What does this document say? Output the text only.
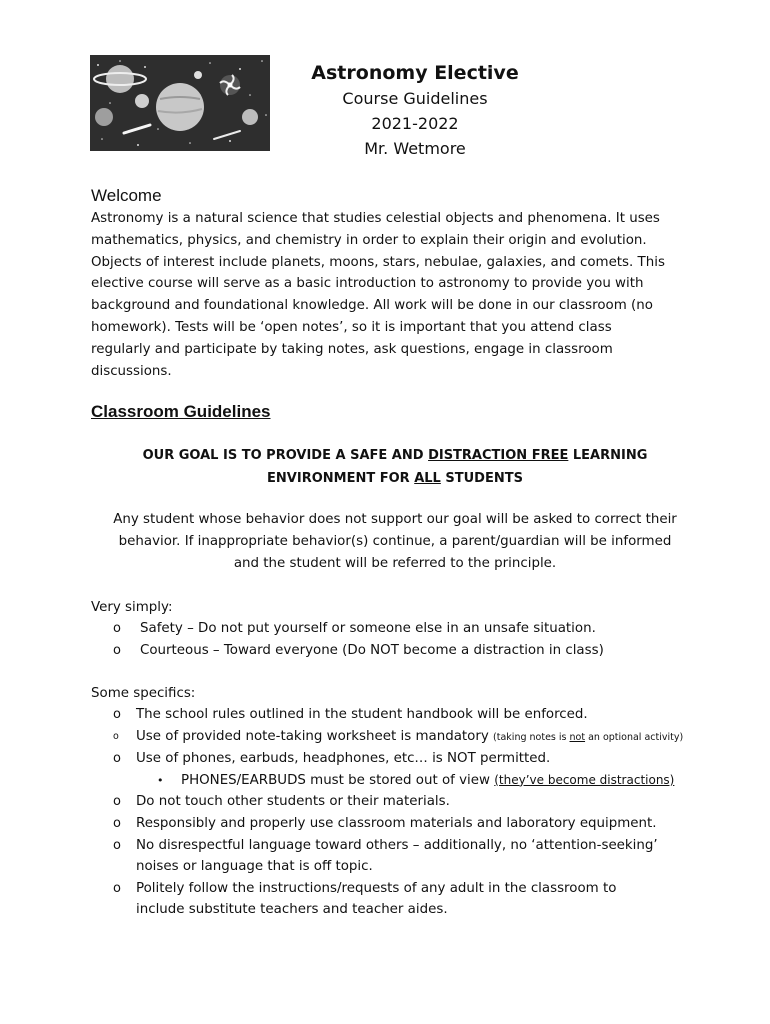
Astronomy Elective
Course Guidelines
2021-2022
Mr. Wetmore
Welcome
Astronomy is a natural science that studies celestial objects and phenomena. It uses
mathematics, physics, and chemistry in order to explain their origin and evolution.
Objects of interest include planets, moons, stars, nebulae, galaxies, and comets. This
elective course will serve as a basic introduction to astronomy to provide you with
background and foundational knowledge. All work will be done in our classroom (no
homework). Tests will be ‘open notes’, so it is important that you attend class
regularly and participate by taking notes, ask questions, engage in classroom
discussions.
Classroom Guidelines
OUR GOAL IS TO PROVIDE A SAFE AND DISTRACTION FREE LEARNING
ENVIRONMENT FOR ALL STUDENTS
Any student whose behavior does not support our goal will be asked to correct their
behavior. If inappropriate behavior(s) continue, a parent/guardian will be informed
and the student will be referred to the principle.
Very simply:
o Safety – Do not put yourself or someone else in an unsafe situation.
o Courteous – Toward everyone (Do NOT become a distraction in class)
Some specifics:
o The school rules outlined in the student handbook will be enforced.
o Use of provided note-taking worksheet is mandatory (taking notes is not an optional activity)
o Use of phones, earbuds, headphones, etc… is NOT permitted.
• PHONES/EARBUDS must be stored out of view (they’ve become distractions)
o Do not touch other students or their materials.
o Responsibly and properly use classroom materials and laboratory equipment.
o No disrespectful language toward others – additionally, no ‘attention-seeking’
noises or language that is off topic.
o Politely follow the instructions/requests of any adult in the classroom to
include substitute teachers and teacher aides.
